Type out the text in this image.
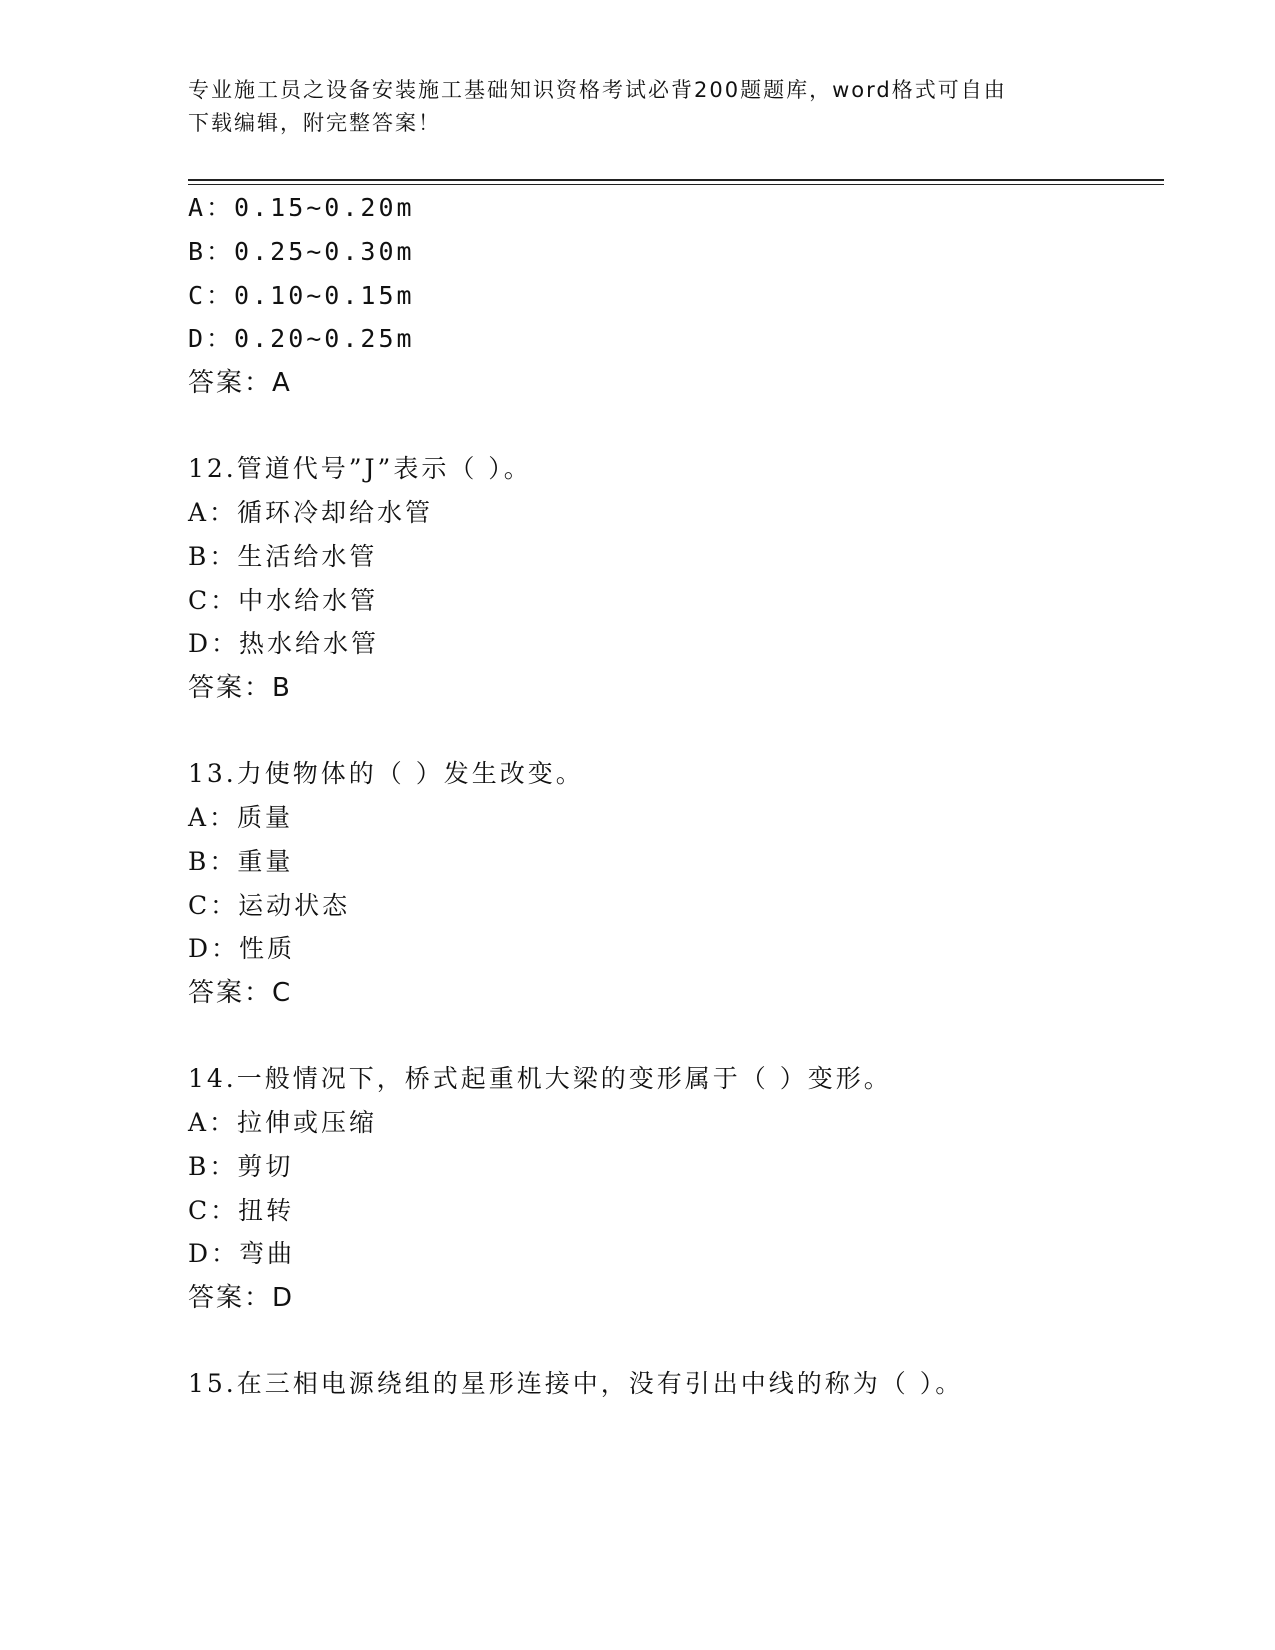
专业施工员之设备安装施工基础知识资格考试必背200题题库，word格式可自由
下载编辑，附完整答案！
A：0.15~0.20m
B：0.25~0.30m
C：0.10~0.15m
D：0.20~0.25m
答案：A
12.管道代号”J”表示（ ）。
A：循环冷却给水管
B：生活给水管
C：中水给水管
D：热水给水管
答案：B
13.力使物体的（ ）发生改变。
A：质量
B：重量
C：运动状态
D：性质
答案：C
14.一般情况下，桥式起重机大梁的变形属于（ ）变形。
A：拉伸或压缩
B：剪切
C：扭转
D：弯曲
答案：D
15.在三相电源绕组的星形连接中，没有引出中线的称为（ ）。
